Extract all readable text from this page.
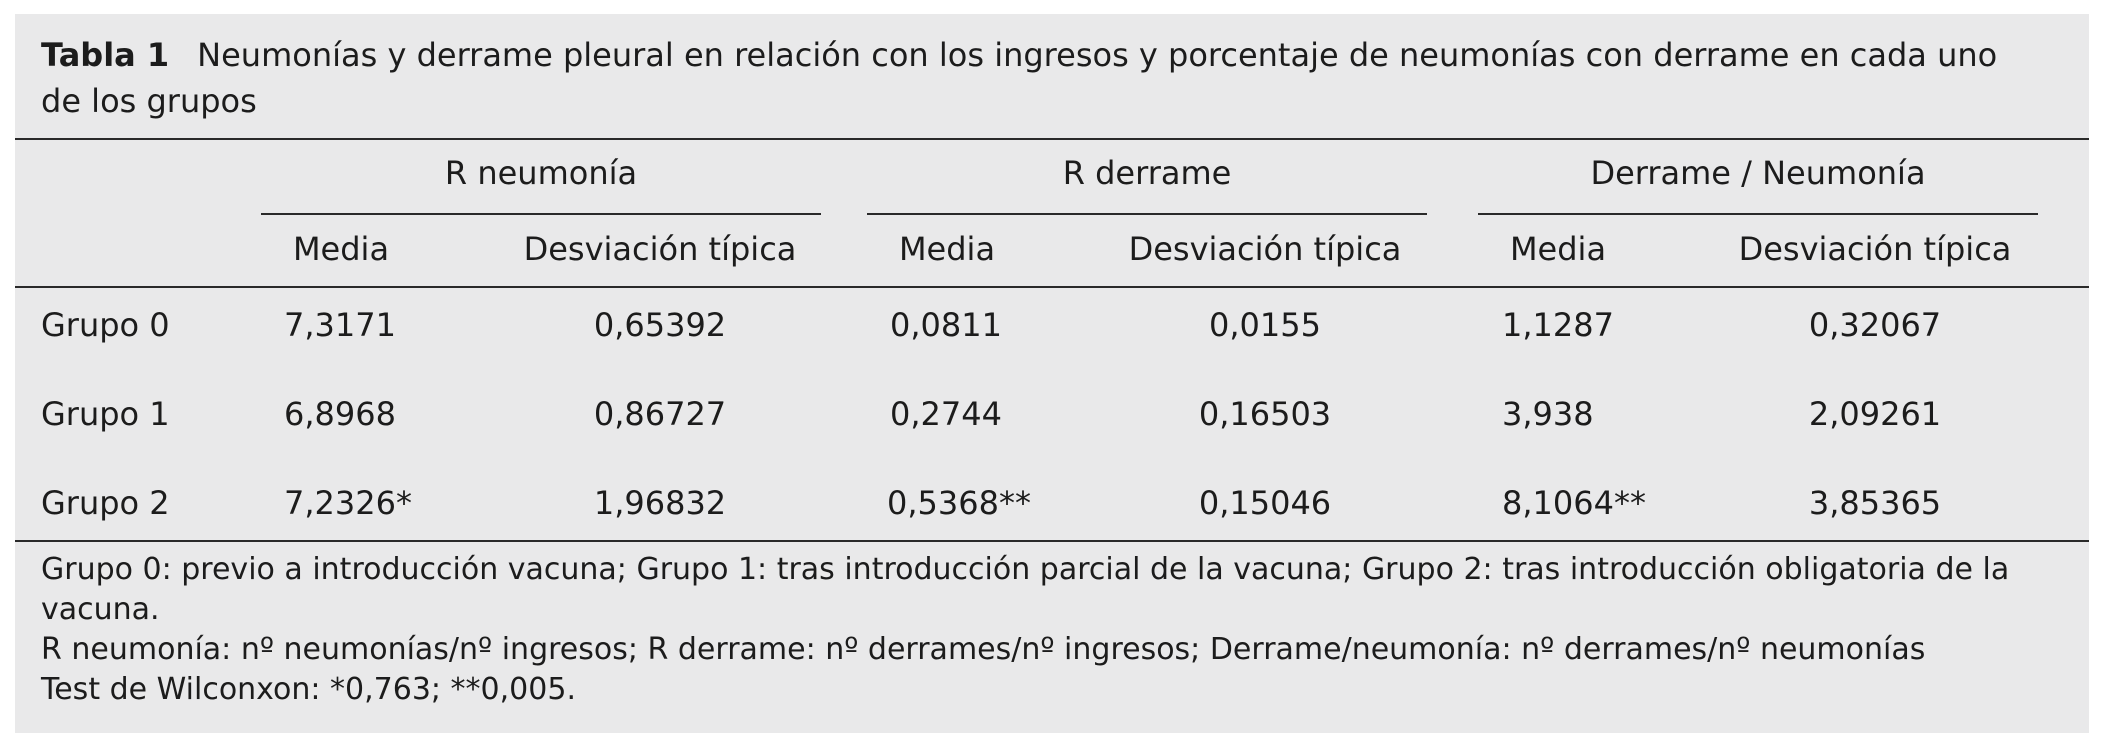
Tabla 1 Neumonías y derrame pleural en relación con los ingresos y porcentaje de neumonías con derrame en cada uno de los grupos
R neumonía	R derrame	Derrame / Neumonía
Media	Desviación típica	Media	Desviación típica	Media	Desviación típica
Grupo 0	7,3171	0,65392	0,0811	0,0155	1,1287	0,32067
Grupo 1	6,8968	0,86727	0,2744	0,16503	3,938	2,09261
Grupo 2	7,2326*	1,96832	0,5368**	0,15046	8,1064**	3,85365
Grupo 0: previo a introducción vacuna; Grupo 1: tras introducción parcial de la vacuna; Grupo 2: tras introducción obligatoria de la vacuna.
R neumonía: nº neumonías/nº ingresos; R derrame: nº derrames/nº ingresos; Derrame/neumonía: nº derrames/nº neumonías
Test de Wilconxon: *0,763; **0,005.
